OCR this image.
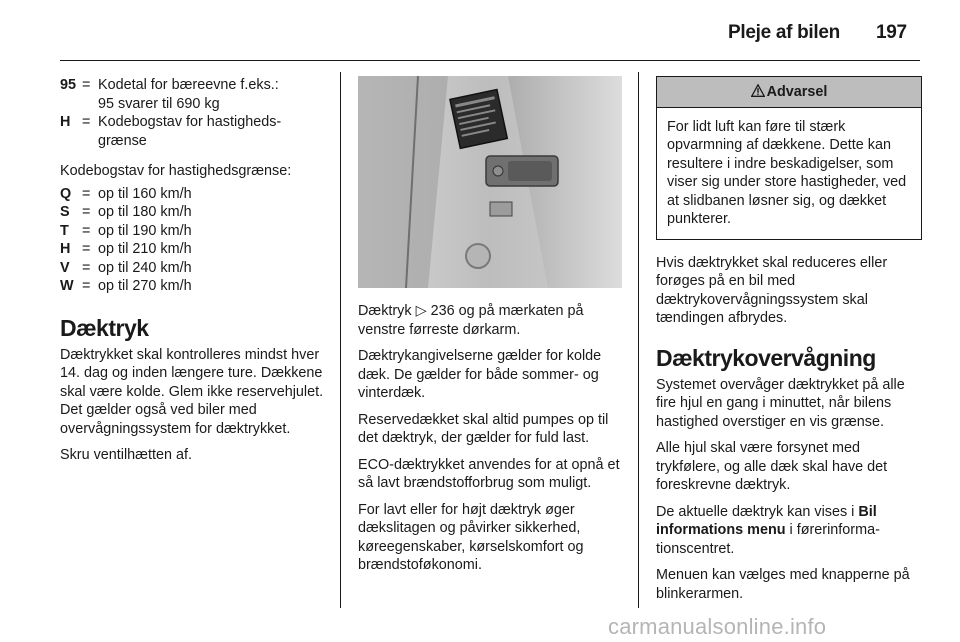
Pleje af bilen 197
95 = Kodetal for bæreevne f.eks.:
95 svarer til 690 kg
H = Kodebogstav for hastigheds-
grænse

Kodebogstav for hastighedsgrænse:

Q = op til 160 km/h
S = op til 180 km/h
T = op til 190 km/h
H = op til 210 km/h
V = op til 240 km/h
W = op til 270 km/h
Dæktryk

Dæktrykket skal kontrolleres mindst hver 14. dag og inden længere ture. Dækkene skal være kolde. Glem ikke reservehjulet. Det gælder også ved biler med overvågningssystem for dæktrykket.

Skru ventilhætten af.

Dæktryk ▷ 236 og på mærkaten på venstre førreste dørkarm.

Dæktrykangivelserne gælder for kolde dæk. De gælder for både sommer- og vinterdæk.

Reservedækket skal altid pumpes op til det dæktryk, der gælder for fuld last.

ECO-dæktrykket anvendes for at opnå et så lavt brændstofforbrug som muligt.

For lavt eller for højt dæktryk øger dækslitagen og påvirker sikkerhed, køreegenskaber, kørselskomfort og brændstoføkonomi.

Advarsel
For lidt luft kan føre til stærk opvarmning af dækkene. Dette kan resultere i indre beskadigelser, som viser sig under store hastigheder, ved at slidbanen løsner sig, og dækket punkterer.

Hvis dæktrykket skal reduceres eller forøges på en bil med dæktrykovervågningssystem skal tændingen afbrydes.

Dæktrykovervågning

Systemet overvåger dæktrykket på alle fire hjul en gang i minuttet, når bilens hastighed overstiger en vis grænse.

Alle hjul skal være forsynet med trykfølere, og alle dæk skal have det foreskrevne dæktryk.

De aktuelle dæktryk kan vises i Bil informations menu i førerinforma-tionscentret.

Menuen kan vælges med knapperne på blinkerarmen.

carmanualsonline.info
